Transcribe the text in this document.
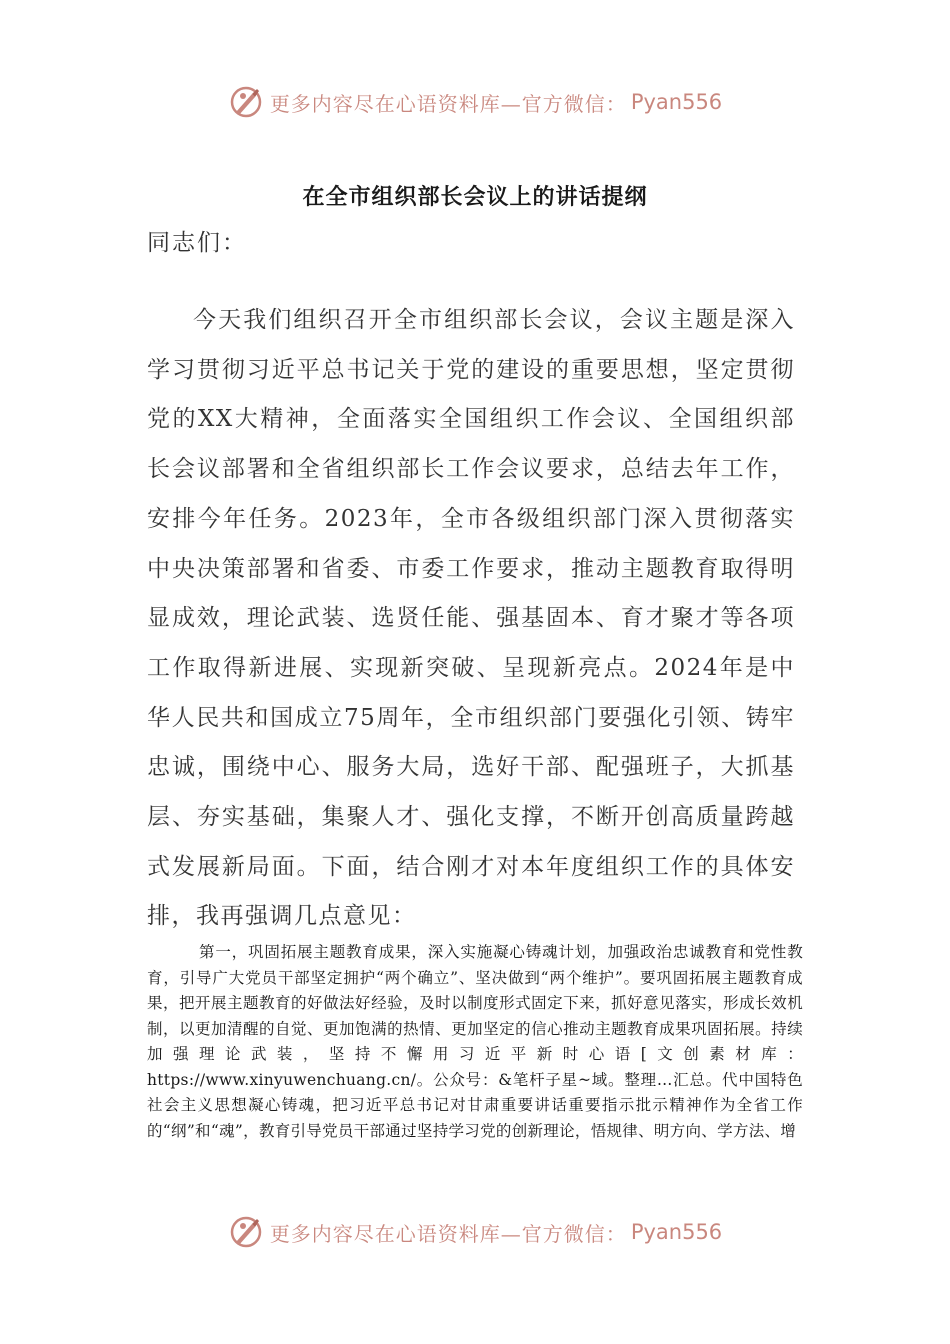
更多内容尽在心语资料库—官方微信： Pyan556
在全市组织部长会议上的讲话提纲
同志们：

今天我们组织召开全市组织部长会议，会议主题是深入学习贯彻习近平总书记关于党的建设的重要思想，坚定贯彻党的XX大精神，全面落实全国组织工作会议、全国组织部长会议部署和全省组织部长工作会议要求，总结去年工作，安排今年任务。2023年，全市各级组织部门深入贯彻落实中央决策部署和省委、市委工作要求，推动主题教育取得明显成效，理论武装、选贤任能、强基固本、育才聚才等各项工作取得新进展、实现新突破、呈现新亮点。2024年是中华人民共和国成立75周年，全市组织部门要强化引领、铸牢忠诚，围绕中心、服务大局，选好干部、配强班子，大抓基层、夯实基础，集聚人才、强化支撑，不断开创高质量跨越式发展新局面。下面，结合刚才对本年度组织工作的具体安排，我再强调几点意见：

第一，巩固拓展主题教育成果，深入实施凝心铸魂计划，加强政治忠诚教育和党性教育，引导广大党员干部坚定拥护“两个确立”、坚决做到“两个维护”。要巩固拓展主题教育成果，把开展主题教育的好做法好经验，及时以制度形式固定下来，抓好意见落实，形成长效机制，以更加清醒的自觉、更加饱满的热情、更加坚定的信心推动主题教育成果巩固拓展。持续加强理论武装，坚持不懈用习近平新时心语[文创素材库：https://www.xinyuwenchuang.cn/。公众号：&笔杆子星~域。整理…汇总。代中国特色社会主义思想凝心铸魂，把习近平总书记对甘肃重要讲话重要指示批示精神作为全省工作的“纲”和“魂”，教育引导党员干部通过坚持学习党的创新理论，悟规律、明方向、学方法、增

更多内容尽在心语资料库—官方微信： Pyan556
